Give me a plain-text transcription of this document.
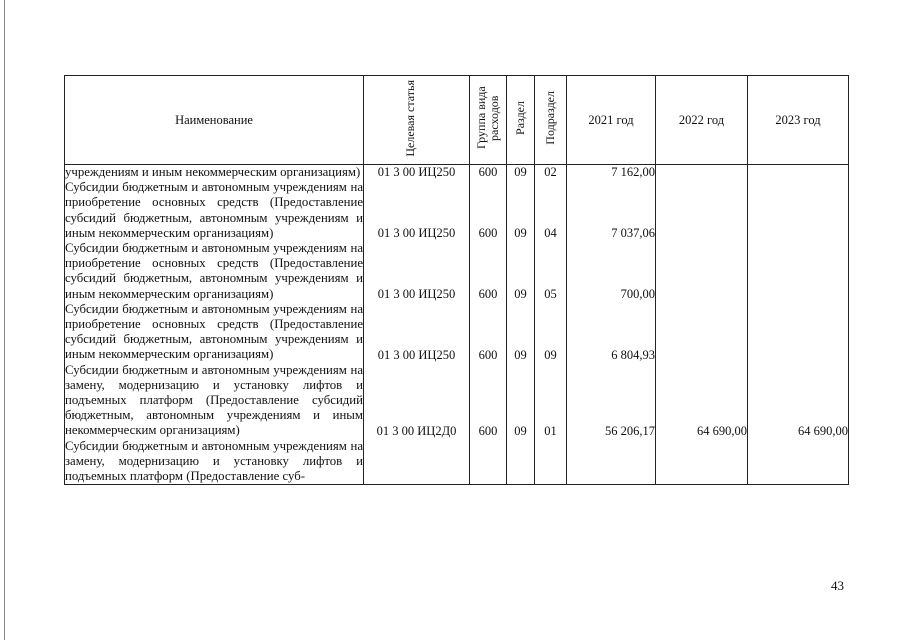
Наименование	Целевая статья	Группа вида расходов	Раздел	Подраздел	2021 год	2022 год	2023 год
учреждениям и иным некоммерческим организациям)	01 3 00 ИЦ250	600	09	02	7 162,00		
Субсидии бюджетным и автономным учреждениям на приобретение основных средств (Предоставление субсидий бюджетным, автономным учреждениям и иным некоммерческим организациям)	01 3 00 ИЦ250	600	09	04	7 037,06		
Субсидии бюджетным и автономным учреждениям на приобретение основных средств (Предоставление субсидий бюджетным, автономным учреждениям и иным некоммерческим организациям)	01 3 00 ИЦ250	600	09	05	700,00		
Субсидии бюджетным и автономным учреждениям на приобретение основных средств (Предоставление субсидий бюджетным, автономным учреждениям и иным некоммерческим организациям)	01 3 00 ИЦ250	600	09	09	6 804,93		
Субсидии бюджетным и автономным учреждениям на замену, модернизацию и установку лифтов и подъемных платформ (Предоставление субсидий бюджетным, автономным учреждениям и иным некоммерческим организациям)	01 3 00 ИЦ2Д0	600	09	01	56 206,17	64 690,00	64 690,00
Субсидии бюджетным и автономным учреждениям на замену, модернизацию и установку лифтов и подъемных платформ (Предоставление суб-							
43
